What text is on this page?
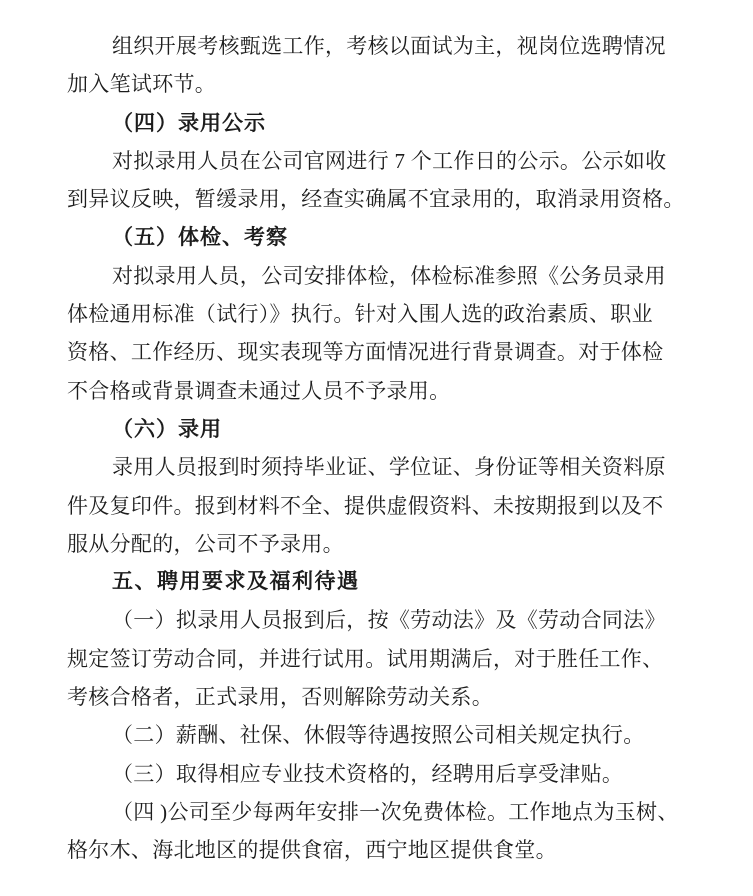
组织开展考核甄选工作，考核以面试为主，视岗位选聘情况
加入笔试环节。
（四）录用公示
对拟录用人员在公司官网进行 7 个工作日的公示。公示如收
到异议反映，暂缓录用，经查实确属不宜录用的，取消录用资格。
（五）体检、考察
对拟录用人员，公司安排体检，体检标准参照《公务员录用
体检通用标准（试行）》执行。针对入围人选的政治素质、职业
资格、工作经历、现实表现等方面情况进行背景调查。对于体检
不合格或背景调查未通过人员不予录用。
（六）录用
录用人员报到时须持毕业证、学位证、身份证等相关资料原
件及复印件。报到材料不全、提供虚假资料、未按期报到以及不
服从分配的，公司不予录用。
五、聘用要求及福利待遇
（一）拟录用人员报到后，按《劳动法》及《劳动合同法》
规定签订劳动合同，并进行试用。试用期满后，对于胜任工作、
考核合格者，正式录用，否则解除劳动关系。
（二）薪酬、社保、休假等待遇按照公司相关规定执行。
（三）取得相应专业技术资格的，经聘用后享受津贴。
（四 )公司至少每两年安排一次免费体检。工作地点为玉树、
格尔木、海北地区的提供食宿，西宁地区提供食堂。
